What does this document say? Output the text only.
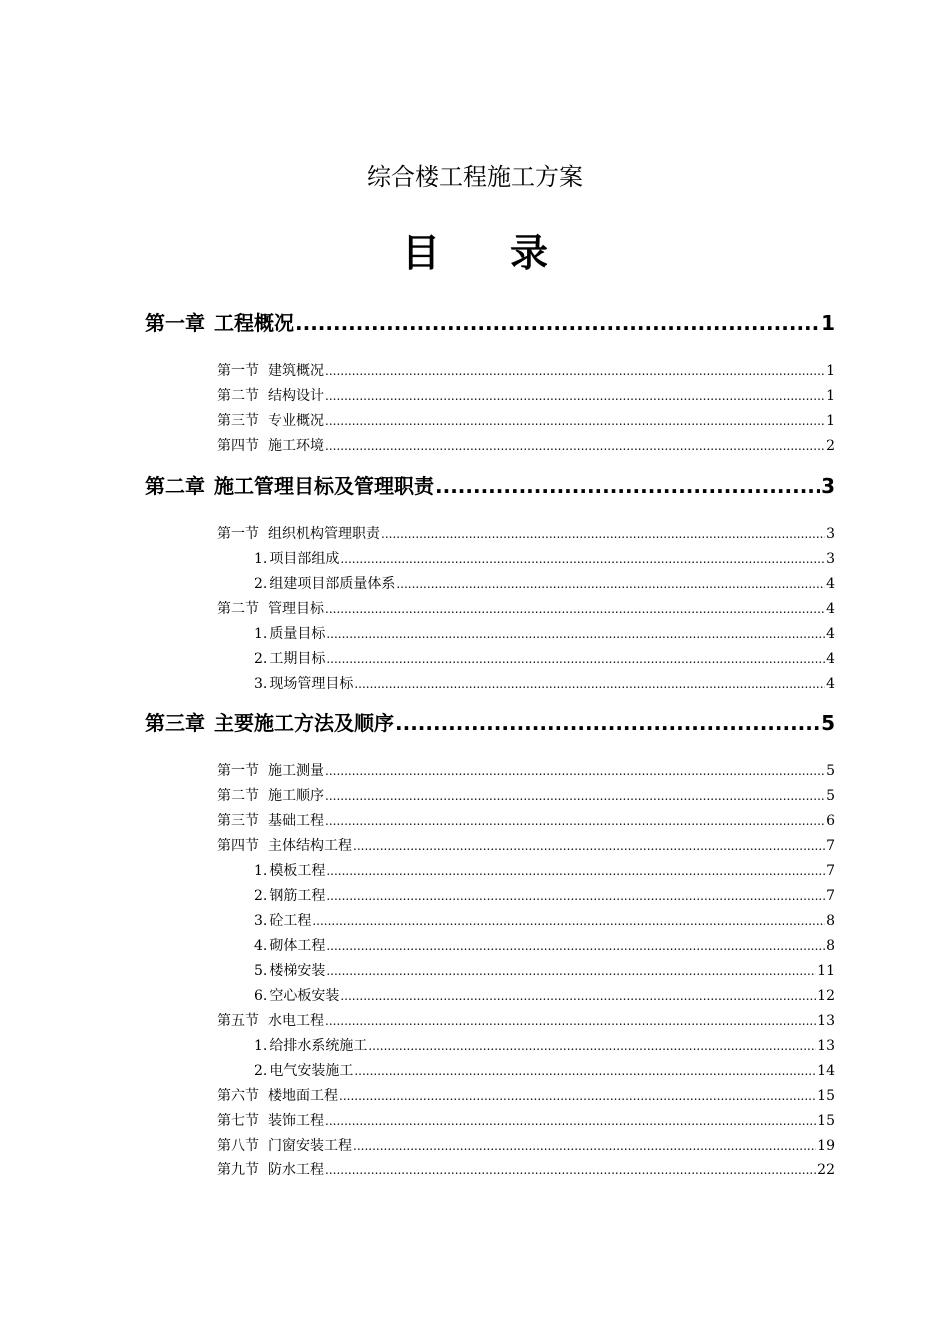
综合楼工程施工方案
目 录
第一章 工程概况 .....	1
第一节 建筑概况 .....	1
第二节 结构设计 .....	1
第三节 专业概况 .....	1
第四节 施工环境 .....	2
第二章 施工管理目标及管理职责 .....	3
第一节 组织机构管理职责 .....	3
1. 项目部组成 .....	3
2. 组建项目部质量体系 .....	4
第二节 管理目标 .....	4
1. 质量目标 .....	4
2. 工期目标 .....	4
3. 现场管理目标 .....	4
第三章 主要施工方法及顺序 .....	5
第一节 施工测量 .....	5
第二节 施工顺序 .....	5
第三节 基础工程 .....	6
第四节 主体结构工程 .....	7
1. 模板工程 .....	7
2. 钢筋工程 .....	7
3. 砼工程 .....	8
4. 砌体工程 .....	8
5. 楼梯安装 .....	11
6. 空心板安装 .....	12
第五节 水电工程 .....	13
1. 给排水系统施工 .....	13
2. 电气安装施工 .....	14
第六节 楼地面工程 .....	15
第七节 装饰工程 .....	15
第八节 门窗安装工程 .....	19
第九节 防水工程 .....	22
